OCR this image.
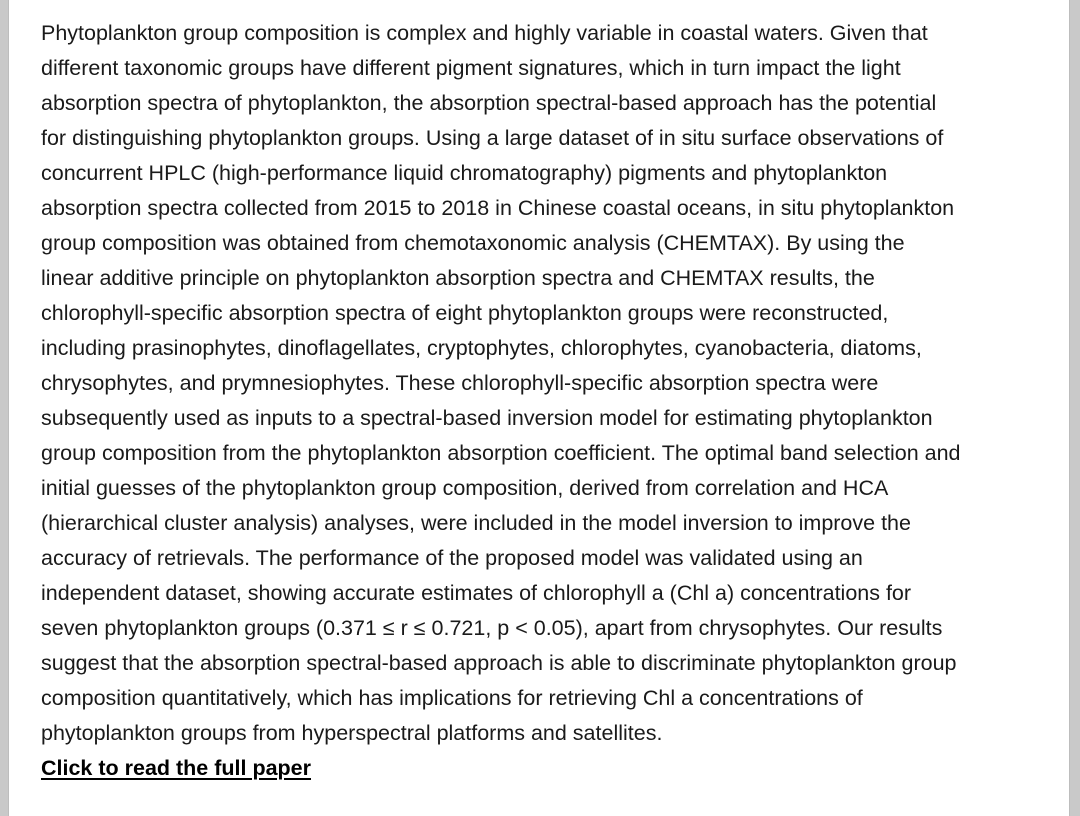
Phytoplankton group composition is complex and highly variable in coastal waters. Given that
different taxonomic groups have different pigment signatures, which in turn impact the light
absorption spectra of phytoplankton, the absorption spectral-based approach has the potential
for distinguishing phytoplankton groups. Using a large dataset of in situ surface observations of
concurrent HPLC (high-performance liquid chromatography) pigments and phytoplankton
absorption spectra collected from 2015 to 2018 in Chinese coastal oceans, in situ phytoplankton
group composition was obtained from chemotaxonomic analysis (CHEMTAX). By using the
linear additive principle on phytoplankton absorption spectra and CHEMTAX results, the
chlorophyll-specific absorption spectra of eight phytoplankton groups were reconstructed,
including prasinophytes, dinoflagellates, cryptophytes, chlorophytes, cyanobacteria, diatoms,
chrysophytes, and prymnesiophytes. These chlorophyll-specific absorption spectra were
subsequently used as inputs to a spectral-based inversion model for estimating phytoplankton
group composition from the phytoplankton absorption coefficient. The optimal band selection and
initial guesses of the phytoplankton group composition, derived from correlation and HCA
(hierarchical cluster analysis) analyses, were included in the model inversion to improve the
accuracy of retrievals. The performance of the proposed model was validated using an
independent dataset, showing accurate estimates of chlorophyll a (Chl a) concentrations for
seven phytoplankton groups (0.371 ≤ r ≤ 0.721, p < 0.05), apart from chrysophytes. Our results
suggest that the absorption spectral-based approach is able to discriminate phytoplankton group
composition quantitatively, which has implications for retrieving Chl a concentrations of
phytoplankton groups from hyperspectral platforms and satellites.
Click to read the full paper
